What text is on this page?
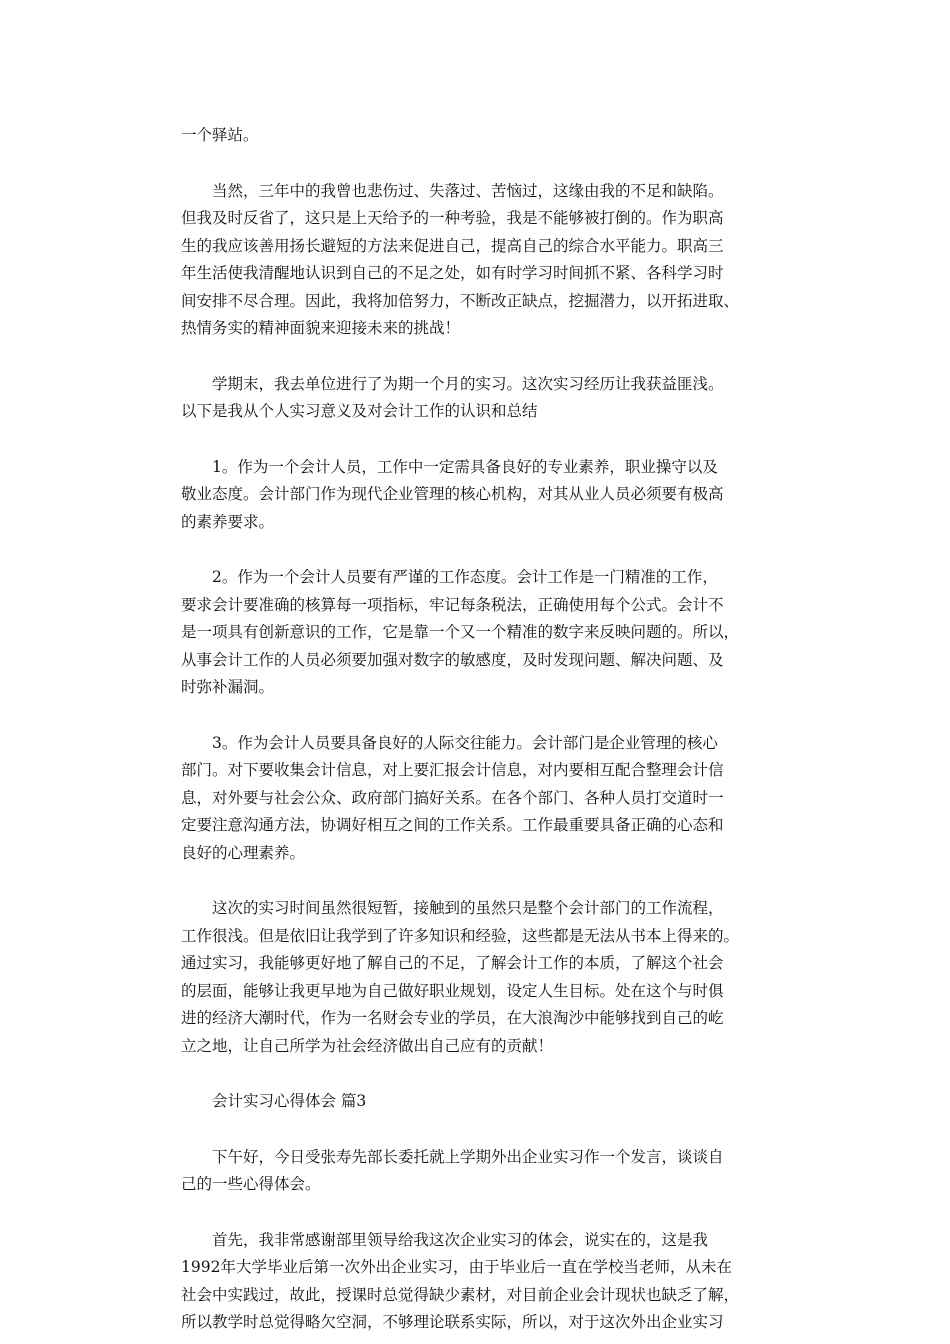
一个驿站。
当然，三年中的我曾也悲伤过、失落过、苦恼过，这缘由我的不足和缺陷。
但我及时反省了，这只是上天给予的一种考验，我是不能够被打倒的。作为职高
生的我应该善用扬长避短的方法来促进自己，提高自己的综合水平能力。职高三
年生活使我清醒地认识到自己的不足之处，如有时学习时间抓不紧、各科学习时
间安排不尽合理。因此，我将加倍努力，不断改正缺点，挖掘潜力，以开拓进取、
热情务实的精神面貌来迎接未来的挑战！
学期末，我去单位进行了为期一个月的实习。这次实习经历让我获益匪浅。
以下是我从个人实习意义及对会计工作的认识和总结
1。作为一个会计人员，工作中一定需具备良好的专业素养，职业操守以及
敬业态度。会计部门作为现代企业管理的核心机构，对其从业人员必须要有极高
的素养要求。
2。作为一个会计人员要有严谨的工作态度。会计工作是一门精准的工作，
要求会计要准确的核算每一项指标，牢记每条税法，正确使用每个公式。会计不
是一项具有创新意识的工作，它是靠一个又一个精准的数字来反映问题的。所以，
从事会计工作的人员必须要加强对数字的敏感度，及时发现问题、解决问题、及
时弥补漏洞。
3。作为会计人员要具备良好的人际交往能力。会计部门是企业管理的核心
部门。对下要收集会计信息，对上要汇报会计信息，对内要相互配合整理会计信
息，对外要与社会公众、政府部门搞好关系。在各个部门、各种人员打交道时一
定要注意沟通方法，协调好相互之间的工作关系。工作最重要具备正确的心态和
良好的心理素养。
这次的实习时间虽然很短暂，接触到的虽然只是整个会计部门的工作流程，
工作很浅。但是依旧让我学到了许多知识和经验，这些都是无法从书本上得来的。
通过实习，我能够更好地了解自己的不足，了解会计工作的本质，了解这个社会
的层面，能够让我更早地为自己做好职业规划，设定人生目标。处在这个与时俱
进的经济大潮时代，作为一名财会专业的学员，在大浪淘沙中能够找到自己的屹
立之地，让自己所学为社会经济做出自己应有的贡献！
会计实习心得体会 篇3
下午好，今日受张寿先部长委托就上学期外出企业实习作一个发言，谈谈自
己的一些心得体会。
首先，我非常感谢部里领导给我这次企业实习的体会，说实在的，这是我
1992年大学毕业后第一次外出企业实习，由于毕业后一直在学校当老师，从未在
社会中实践过，故此，授课时总觉得缺少素材，对目前企业会计现状也缺乏了解，
所以教学时总觉得略欠空洞，不够理论联系实际，所以，对于这次外出企业实习
